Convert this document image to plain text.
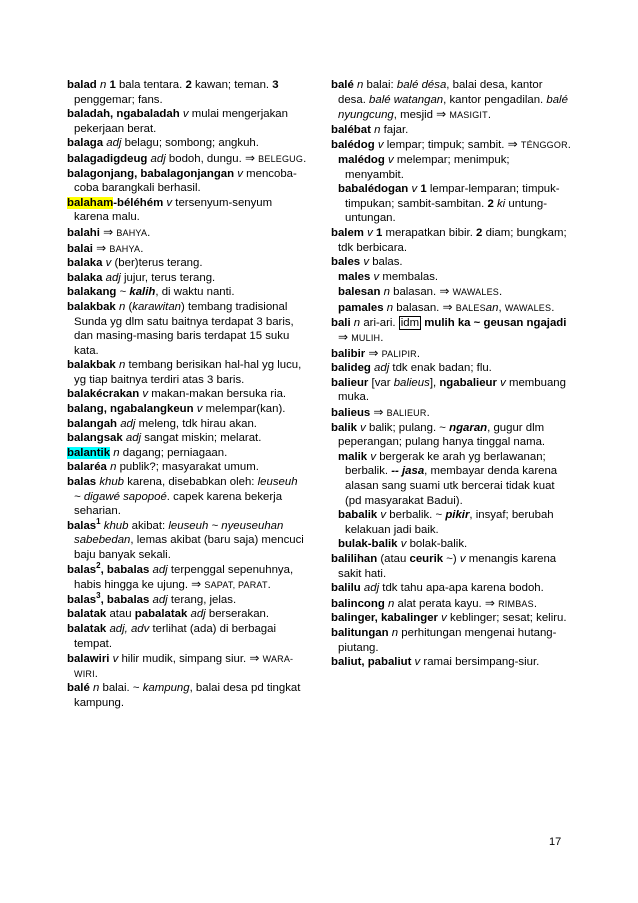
balad n 1 bala tentara. 2 kawan; teman. 3 penggemar; fans.

baladah, ngabaladah v mulai mengerjakan pekerjaan berat.

balaga adj belagu; sombong; angkuh.

balagadigdeug adj bodoh, dungu. ⇒ BELEGUG.

balagonjang, babalagonjangan v mencoba-coba barangkali berhasil.

balaham-béléhém v tersenyum-senyum karena malu.

balahi ⇒ BAHYA.

balai ⇒ BAHYA.

balaka v (ber)terus terang.

balaka adj jujur, terus terang.

balakang ~ kalih, di waktu nanti.

balakbak n (karawitan) tembang tradisional Sunda yg dlm satu baitnya terdapat 3 baris, dan masing-masing baris terdapat 15 suku kata.

balakbak n tembang berisikan hal-hal yg lucu, yg tiap baitnya terdiri atas 3 baris.

balakécrakan v makan-makan bersuka ria.

balang, ngabalangkeun v melempar(kan).

balangah adj meleng, tdk hirau akan.

balangsak adj sangat miskin; melarat.

balantik n dagang; perniagaan.

balaréa n publik?; masyarakat umum.

balas khub karena, disebabkan oleh: leuseuh ~ digawé sapopoé. capek karena bekerja seharian.

balas$^1$ khub akibat: leuseuh ~ nyeuseuhan sabebedan, lemas akibat (baru saja) mencuci baju banyak sekali.

balas$^2$, babalas adj terpenggal sepenuhnya, habis hingga ke ujung. ⇒ SAPAT, PARAT.

balas$^3$, babalas adj terang, jelas.

balatak atau pabalatak adj berserakan.

balatak adj, adv terlihat (ada) di berbagai tempat.

balawiri v hilir mudik, simpang siur. ⇒ WARA-WIRI.

balé n balai. ~ kampung, balai desa pd tingkat kampung.

balé n balai: balé désa, balai desa, kantor desa. balé watangan, kantor pengadilan. balé nyungcung, mesjid ⇒ MASIGIT.

balébat n fajar.

balédog v lempar; timpuk; sambit. ⇒ TÉNGGOR.

malédog v melempar; menimpuk; menyambit.

babalédogan v 1 lempar-lemparan; timpuk-timpukan; sambit-sambitan. 2 ki untung-untungan.

balem v 1 merapatkan bibir. 2 diam; bungkam; tdk berbicara.

bales v balas.

males v membalas.

balesan n balasan. ⇒ WAWALES.

pamales n balasan. ⇒ BALESan, WAWALES.

bali n ari-ari. idm mulih ka ~ geusan ngajadi ⇒ MULIH.

balibir ⇒ PALIPIR.

balideg adj tdk enak badan; flu.

balieur [var balieus], ngabalieur v membuang muka.

balieus ⇒ BALIEUR.

balik v balik; pulang. ~ ngaran, gugur dlm peperangan; pulang hanya tinggal nama.

malik v bergerak ke arah yg berlawanan; berbalik. -- jasa, membayar denda karena alasan sang suami utk bercerai tidak kuat (pd masyarakat Badui).

babalik v berbalik. ~ pikir, insyaf; berubah kelakuan jadi baik.

bulak-balik v bolak-balik.

balilihan (atau ceurik ~) v menangis karena sakit hati.

balilu adj tdk tahu apa-apa karena bodoh.

balincong n alat perata kayu. ⇒ RIMBAS.

balinger, kabalinger v keblinger; sesat; keliru.

balitungan n perhitungan mengenai hutang-piutang.

baliut, pabaliut v ramai bersimpang-siur.

17
